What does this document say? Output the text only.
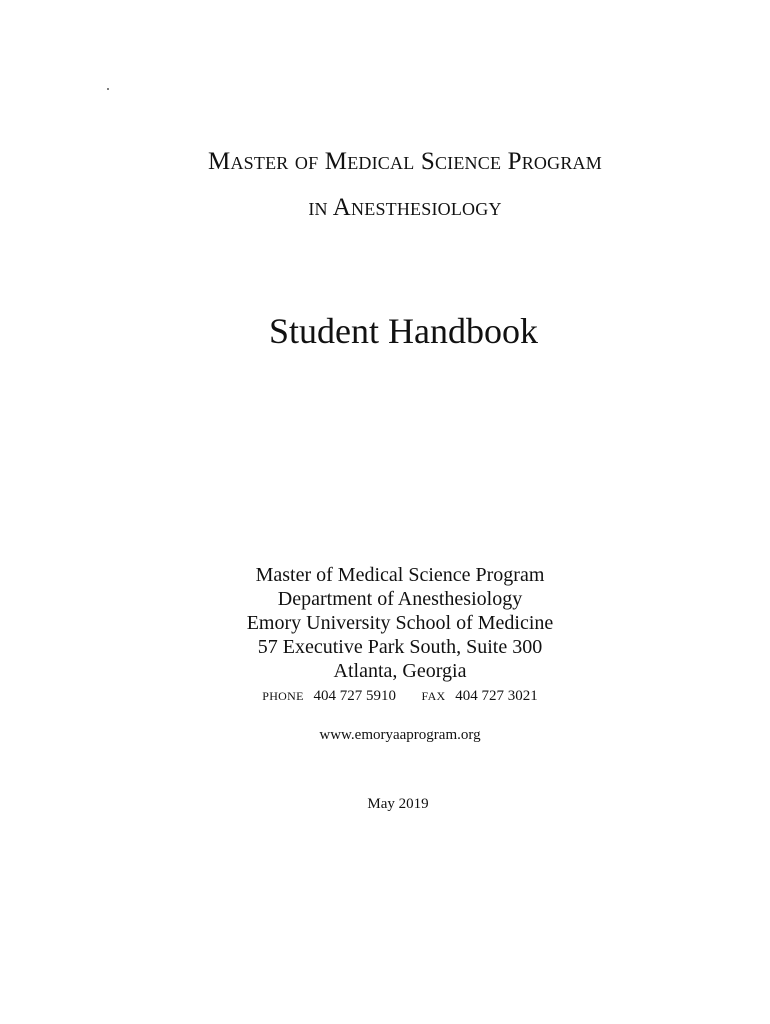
Master of Medical Science Program
in Anesthesiology
Student Handbook
Master of Medical Science Program
Department of Anesthesiology
Emory University School of Medicine
57 Executive Park South, Suite 300
Atlanta, Georgia
PHONE 404 727 5910 FAX 404 727 3021
www.emoryaaprogram.org
May 2019
